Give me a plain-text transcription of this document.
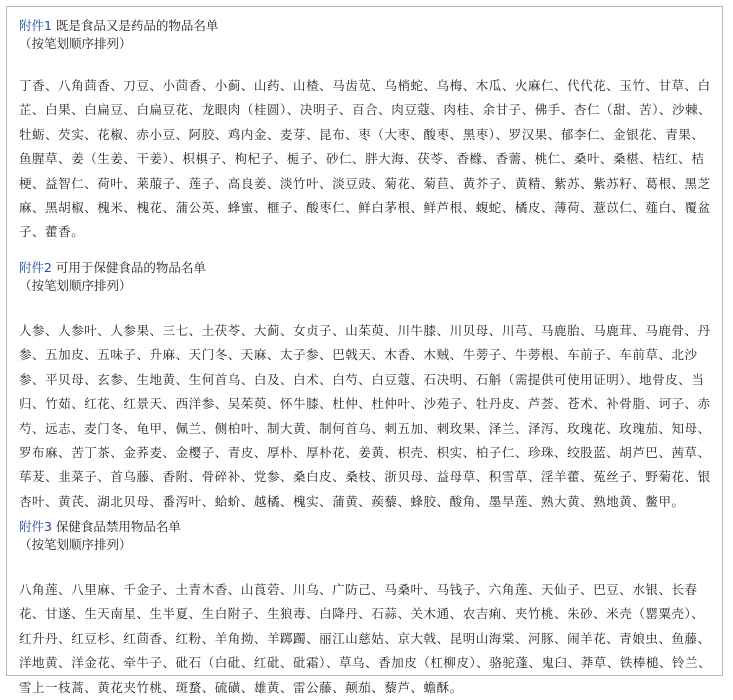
附件1 既是食品又是药品的物品名单

（按笔划顺序排列）

丁香、八角茴香、刀豆、小茴香、小蓟、山药、山楂、马齿苋、乌梢蛇、乌梅、木瓜、火麻仁、代代花、玉竹、甘草、白芷、白果、白扁豆、白扁豆花、龙眼肉（桂圆）、决明子、百合、肉豆蔻、肉桂、余甘子、佛手、杏仁（甜、苦）、沙棘、牡蛎、芡实、花椒、赤小豆、阿胶、鸡内金、麦芽、昆布、枣（大枣、酸枣、黑枣）、罗汉果、郁李仁、金银花、青果、鱼腥草、姜（生姜、干姜）、枳椇子、枸杞子、栀子、砂仁、胖大海、茯苓、香橼、香薷、桃仁、桑叶、桑椹、桔红、桔梗、益智仁、荷叶、莱菔子、莲子、高良姜、淡竹叶、淡豆豉、菊花、菊苣、黄芥子、黄精、紫苏、紫苏籽、葛根、黑芝麻、黑胡椒、槐米、槐花、蒲公英、蜂蜜、榧子、酸枣仁、鲜白茅根、鲜芦根、蝮蛇、橘皮、薄荷、薏苡仁、薤白、覆盆子、藿香。

附件2 可用于保健食品的物品名单

（按笔划顺序排列）

人参、人参叶、人参果、三七、土茯苓、大蓟、女贞子、山茱萸、川牛膝、川贝母、川芎、马鹿胎、马鹿茸、马鹿骨、丹参、五加皮、五味子、升麻、天门冬、天麻、太子参、巴戟天、木香、木贼、牛蒡子、牛蒡根、车前子、车前草、北沙参、平贝母、玄参、生地黄、生何首乌、白及、白术、白芍、白豆蔻、石决明、石斛（需提供可使用证明）、地骨皮、当归、竹茹、红花、红景天、西洋参、吴茱萸、怀牛膝、杜仲、杜仲叶、沙苑子、牡丹皮、芦荟、苍术、补骨脂、诃子、赤芍、远志、麦门冬、龟甲、佩兰、侧柏叶、制大黄、制何首乌、刺五加、刺玫果、泽兰、泽泻、玫瑰花、玫瑰茄、知母、罗布麻、苦丁茶、金荞麦、金樱子、青皮、厚朴、厚朴花、姜黄、枳壳、枳实、柏子仁、珍珠、绞股蓝、胡芦巴、茜草、荜茇、韭菜子、首乌藤、香附、骨碎补、党参、桑白皮、桑枝、浙贝母、益母草、积雪草、淫羊藿、菟丝子、野菊花、银杏叶、黄芪、湖北贝母、番泻叶、蛤蚧、越橘、槐实、蒲黄、蒺藜、蜂胶、酸角、墨旱莲、熟大黄、熟地黄、鳖甲。

附件3 保健食品禁用物品名单

（按笔划顺序排列）

八角莲、八里麻、千金子、土青木香、山莨菪、川乌、广防己、马桑叶、马钱子、六角莲、天仙子、巴豆、水银、长春花、甘遂、生天南星、生半夏、生白附子、生狼毒、白降丹、石蒜、关木通、农吉痢、夹竹桃、朱砂、米壳（罂粟壳）、红升丹、红豆杉、红茴香、红粉、羊角拗、羊踯躅、丽江山慈姑、京大戟、昆明山海棠、河豚、闹羊花、青娘虫、鱼藤、洋地黄、洋金花、牵牛子、砒石（白砒、红砒、砒霜）、草乌、香加皮（杠柳皮）、骆驼蓬、鬼臼、莽草、铁棒槌、铃兰、雪上一枝蒿、黄花夹竹桃、斑蝥、硫磺、雄黄、雷公藤、颠茄、藜芦、蟾酥。
